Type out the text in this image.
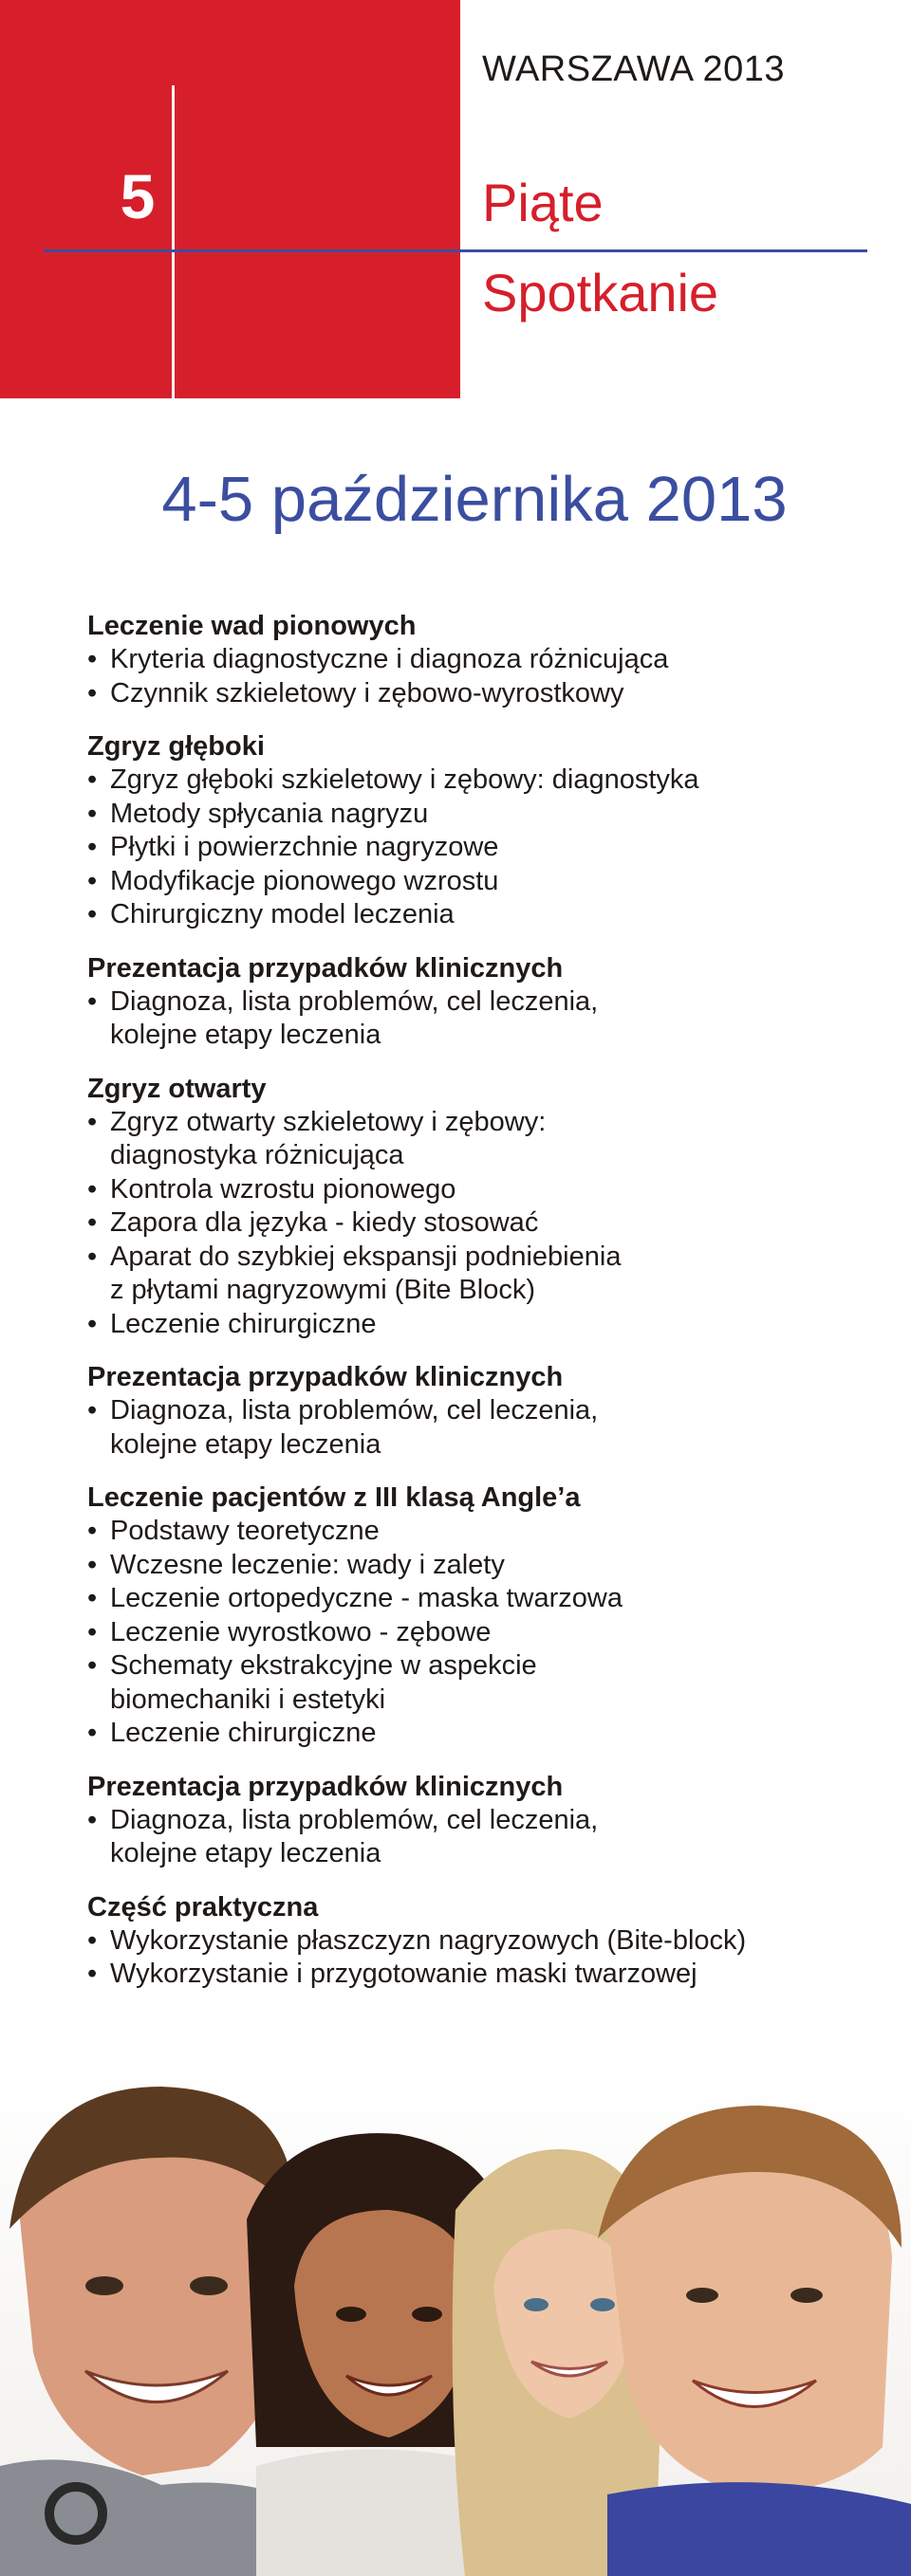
5
WARSZAWA 2013
Piąte
Spotkanie
4-5 października 2013
Leczenie wad pionowych
• Kryteria diagnostyczne i diagnoza różnicująca
• Czynnik szkieletowy i zębowo-wyrostkowy
Zgryz głęboki
• Zgryz głęboki szkieletowy i zębowy: diagnostyka
• Metody spłycania nagryzu
• Płytki i powierzchnie nagryzowe
• Modyfikacje pionowego wzrostu
• Chirurgiczny model leczenia
Prezentacja przypadków klinicznych
• Diagnoza, lista problemów, cel leczenia,
kolejne etapy leczenia
Zgryz otwarty
• Zgryz otwarty szkieletowy i zębowy:
diagnostyka różnicująca
• Kontrola wzrostu pionowego
• Zapora dla języka - kiedy stosować
• Aparat do szybkiej ekspansji podniebienia
z płytami nagryzowymi (Bite Block)
• Leczenie chirurgiczne
Prezentacja przypadków klinicznych
• Diagnoza, lista problemów, cel leczenia,
kolejne etapy leczenia
Leczenie pacjentów z III klasą Angle’a
• Podstawy teoretyczne
• Wczesne leczenie: wady i zalety
• Leczenie ortopedyczne - maska twarzowa
• Leczenie wyrostkowo - zębowe
• Schematy ekstrakcyjne w aspekcie
biomechaniki i estetyki
• Leczenie chirurgiczne
Prezentacja przypadków klinicznych
• Diagnoza, lista problemów, cel leczenia,
kolejne etapy leczenia
Część praktyczna
• Wykorzystanie płaszczyzn nagryzowych (Bite-block)
• Wykorzystanie i przygotowanie maski twarzowej
